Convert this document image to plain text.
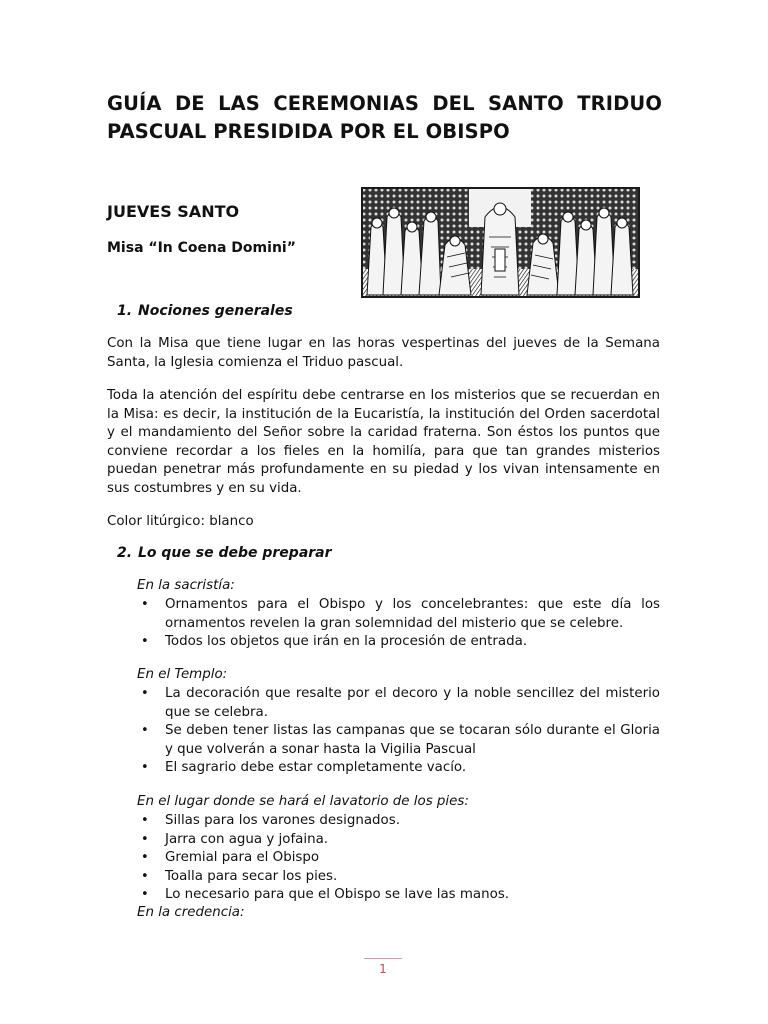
GUÍA DE LAS CEREMONIAS DEL SANTO TRIDUO PASCUAL PRESIDIDA POR EL OBISPO
JUEVES SANTO
Misa “In Coena Domini”
1. Nociones generales
Con la Misa que tiene lugar en las horas vespertinas del jueves de la Semana Santa, la Iglesia comienza el Triduo pascual.
Toda la atención del espíritu debe centrarse en los misterios que se recuerdan en la Misa: es decir, la institución de la Eucaristía, la institución del Orden sacerdotal y el mandamiento del Señor sobre la caridad fraterna. Son éstos los puntos que conviene recordar a los fieles en la homilía, para que tan grandes misterios puedan penetrar más profundamente en su piedad y los vivan intensamente en sus costumbres y en su vida.
Color litúrgico: blanco
2. Lo que se debe preparar
En la sacristía:
• Ornamentos para el Obispo y los concelebrantes: que este día los ornamentos revelen la gran solemnidad del misterio que se celebre.
• Todos los objetos que irán en la procesión de entrada.
En el Templo:
• La decoración que resalte por el decoro y la noble sencillez del misterio que se celebra.
• Se deben tener listas las campanas que se tocaran sólo durante el Gloria y que volverán a sonar hasta la Vigilia Pascual
• El sagrario debe estar completamente vacío.
En el lugar donde se hará el lavatorio de los pies:
• Sillas para los varones designados.
• Jarra con agua y jofaina.
• Gremial para el Obispo
• Toalla para secar los pies.
• Lo necesario para que el Obispo se lave las manos.
En la credencia:
1
